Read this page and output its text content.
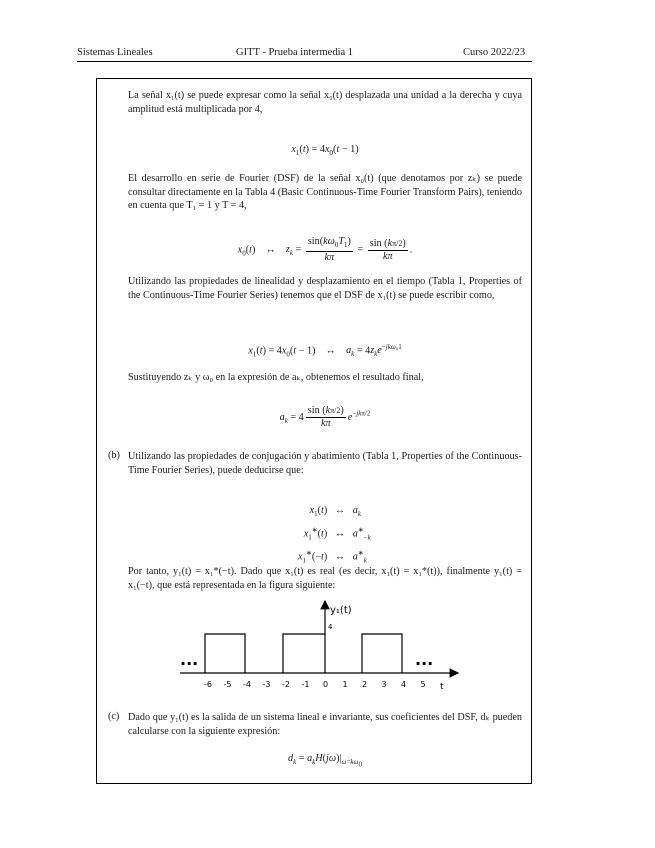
Sistemas Lineales	GITT - Prueba intermedia 1	Curso 2022/23
La señal x₁(t) se puede expresar como la señal x₀(t) desplazada una unidad a la derecha y cuya amplitud está multiplicada por 4,
$x_1(t) = 4x_0(t - 1)$
El desarrollo en serie de Fourier (DSF) de la señal x₀(t) (que denotamos por zₖ) se puede consultar directamente en la Tabla 4 (Basic Continuous-Time Fourier Transform Pairs), teniendo en cuenta que T₁ = 1 y T = 4,
$x_0(t)$    ↔    $z_k = \frac{\sin(k\omega_0T_1)}{k\pi} = \frac{\sin (k\pi/2)}{k\pi}$ .
Utilizando las propiedades de linealidad y desplazamiento en el tiempo (Tabla 1, Properties of the Continuous-Time Fourier Series) tenemos que el DSF de x₁(t) se puede escribir como,
$x_1(t) = 4x_0(t - 1)$    ↔    $a_k = 4z_ke^{-jk\omega_01}$
Sustituyendo zₖ y ω₀ en la expresión de aₖ, obtenemos el resultado final,
$a_k = 4 \frac{\sin (k\pi/2)}{k\pi} e^{-jk\pi/2}$
(b) Utilizando las propiedades de conjugación y abatimiento (Tabla 1, Properties of the Continuous-Time Fourier Series), puede deducirse que:
$x_1(t)$   ↔   $a_k$
$x_1^∗(t)$   ↔   $a^∗_{-k}$
$x_1^∗(-t)$   ↔   $a^∗_k$
Por tanto, y₁(t) = x₁*(−t). Dado que x₁(t) es real (es decir, x₁(t) = x₁*(t)), finalmente y₁(t) = x₁(−t), que está representada en la figura siguiente:
...	...
y₁(t)
4
t
-6 -5 -4 -3 -2 -1 0 1 2 3 4 5
(c) Dado que y₁(t) es la salida de un sistema lineal e invariante, sus coeficientes del DSF, dₖ pueden calcularse con la siguiente expresión:
$d_k = a_kH(j\omega)|_{\omega=k\omega_0}$
